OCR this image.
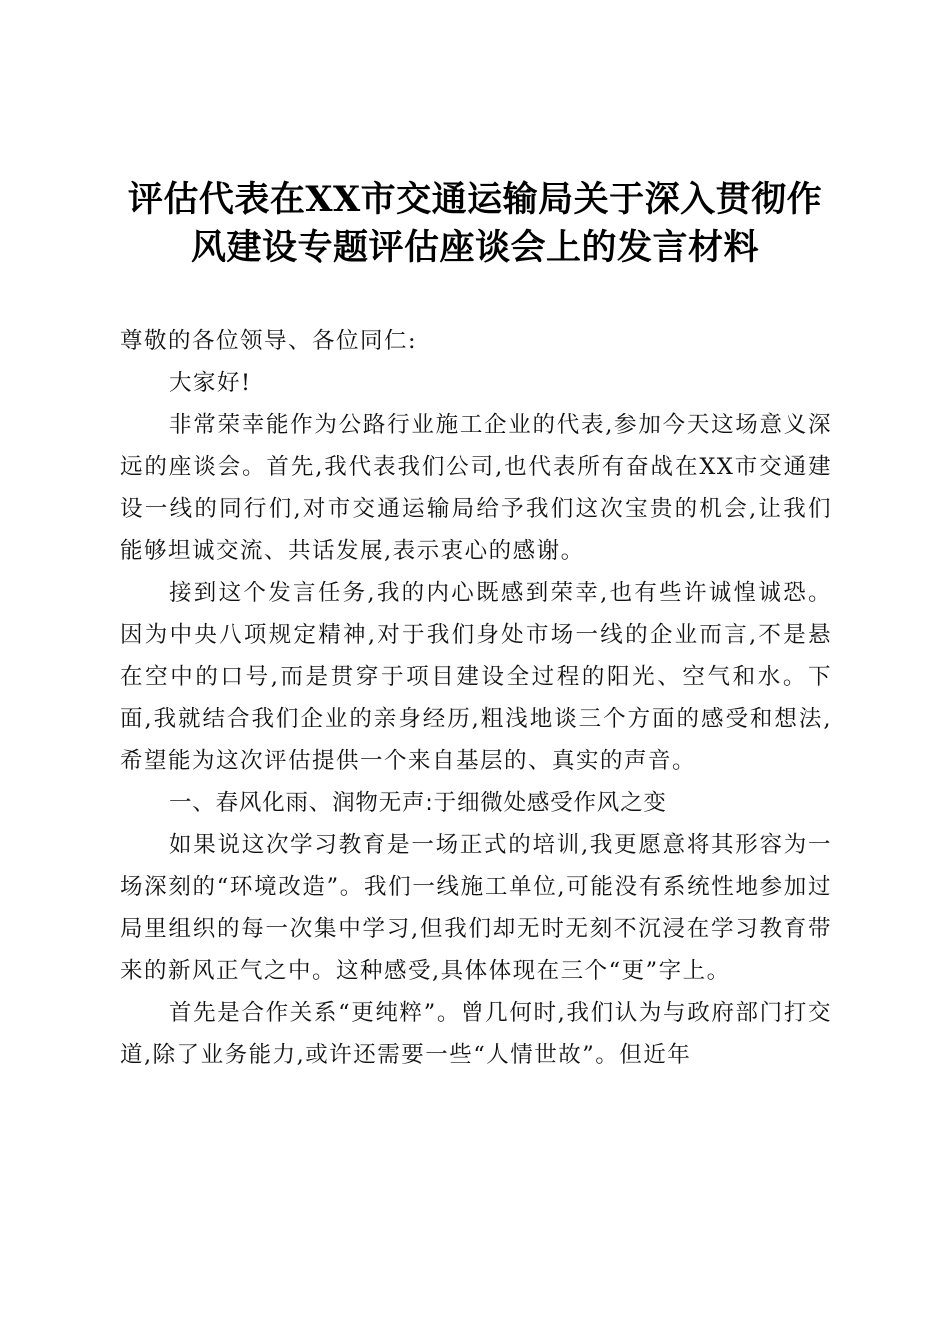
评估代表在XX市交通运输局关于深入贯彻作
风建设专题评估座谈会上的发言材料

尊敬的各位领导、各位同仁:

大家好!

非常荣幸能作为公路行业施工企业的代表,参加今天这场意义深远的座谈会。首先,我代表我们公司,也代表所有奋战在XX市交通建设一线的同行们,对市交通运输局给予我们这次宝贵的机会,让我们能够坦诚交流、共话发展,表示衷心的感谢。

接到这个发言任务,我的内心既感到荣幸,也有些许诚惶诚恐。因为中央八项规定精神,对于我们身处市场一线的企业而言,不是悬在空中的口号,而是贯穿于项目建设全过程的阳光、空气和水。下面,我就结合我们企业的亲身经历,粗浅地谈三个方面的感受和想法,希望能为这次评估提供一个来自基层的、真实的声音。

一、春风化雨、润物无声:于细微处感受作风之变

如果说这次学习教育是一场正式的培训,我更愿意将其形容为一场深刻的“环境改造”。我们一线施工单位,可能没有系统性地参加过局里组织的每一次集中学习,但我们却无时无刻不沉浸在学习教育带来的新风正气之中。这种感受,具体体现在三个“更”字上。

首先是合作关系“更纯粹”。曾几何时,我们认为与政府部门打交道,除了业务能力,或许还需要一些“人情世故”。但近年
